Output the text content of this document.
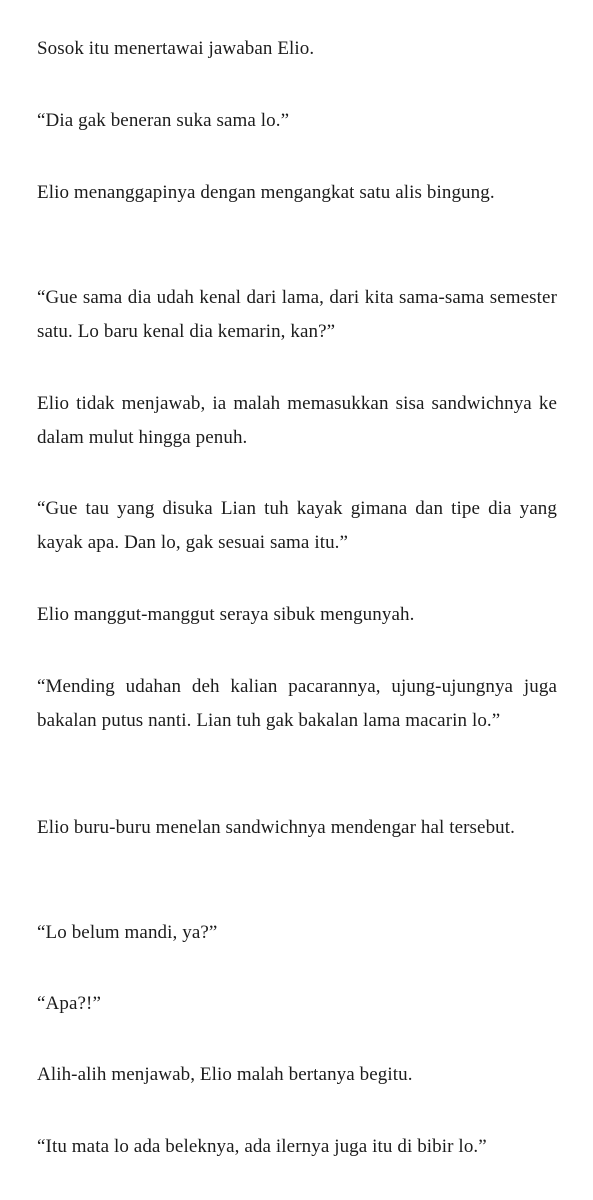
Sosok itu menertawai jawaban Elio.

“Dia gak beneran suka sama lo.”

Elio menanggapinya dengan mengangkat satu alis bingung.

“Gue sama dia udah kenal dari lama, dari kita sama-sama semester satu. Lo baru kenal dia kemarin, kan?”

Elio tidak menjawab, ia malah memasukkan sisa sandwichnya ke dalam mulut hingga penuh.

“Gue tau yang disuka Lian tuh kayak gimana dan tipe dia yang kayak apa. Dan lo, gak sesuai sama itu.”

Elio manggut-manggut seraya sibuk mengunyah.

“Mending udahan deh kalian pacarannya, ujung-ujungnya juga bakalan putus nanti. Lian tuh gak bakalan lama macarin lo.”

Elio buru-buru menelan sandwichnya mendengar hal tersebut.

“Lo belum mandi, ya?”

“Apa?!”

Alih-alih menjawab, Elio malah bertanya begitu.

“Itu mata lo ada beleknya, ada ilernya juga itu di bibir lo.”
